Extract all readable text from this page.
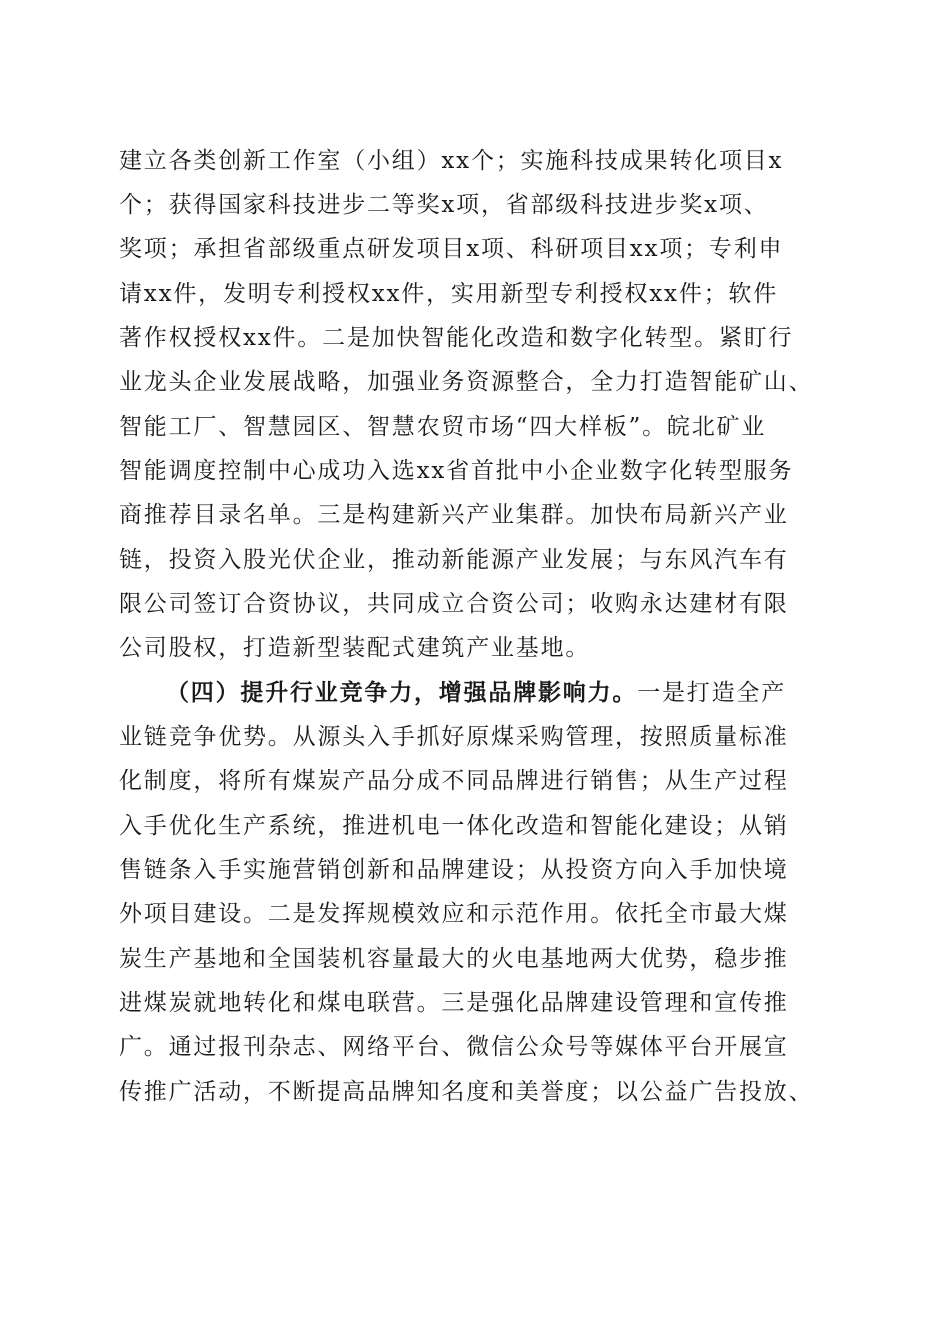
建立各类创新工作室（小组）xx个；实施科技成果转化项目x
个；获得国家科技进步二等奖x项，省部级科技进步奖x项、
奖项；承担省部级重点研发项目x项、科研项目xx项；专利申
请xx件，发明专利授权xx件，实用新型专利授权xx件；软件
著作权授权xx件。二是加快智能化改造和数字化转型。紧盯行
业龙头企业发展战略，加强业务资源整合，全力打造智能矿山、
智能工厂、智慧园区、智慧农贸市场“四大样板”。皖北矿业
智能调度控制中心成功入选xx省首批中小企业数字化转型服务
商推荐目录名单。三是构建新兴产业集群。加快布局新兴产业
链，投资入股光伏企业，推动新能源产业发展；与东风汽车有
限公司签订合资协议，共同成立合资公司；收购永达建材有限
公司股权，打造新型装配式建筑产业基地。
（四）提升行业竞争力，增强品牌影响力。一是打造全产
业链竞争优势。从源头入手抓好原煤采购管理，按照质量标准
化制度，将所有煤炭产品分成不同品牌进行销售；从生产过程
入手优化生产系统，推进机电一体化改造和智能化建设；从销
售链条入手实施营销创新和品牌建设；从投资方向入手加快境
外项目建设。二是发挥规模效应和示范作用。依托全市最大煤
炭生产基地和全国装机容量最大的火电基地两大优势，稳步推
进煤炭就地转化和煤电联营。三是强化品牌建设管理和宣传推
广。通过报刊杂志、网络平台、微信公众号等媒体平台开展宣
传推广活动，不断提高品牌知名度和美誉度；以公益广告投放、
